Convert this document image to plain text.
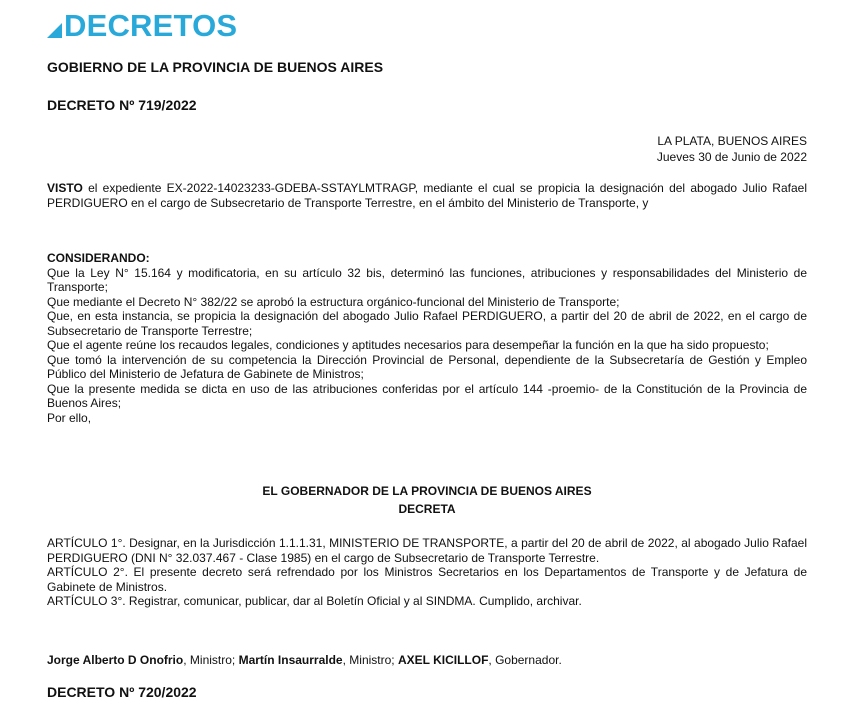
DECRETOS
GOBIERNO DE LA PROVINCIA DE BUENOS AIRES
DECRETO Nº 719/2022
LA PLATA, BUENOS AIRES
Jueves 30 de Junio de 2022
VISTO el expediente EX-2022-14023233-GDEBA-SSTAYLMTRAGP, mediante el cual se propicia la designación del abogado Julio Rafael PERDIGUERO en el cargo de Subsecretario de Transporte Terrestre, en el ámbito del Ministerio de Transporte, y
CONSIDERANDO:
Que la Ley N° 15.164 y modificatoria, en su artículo 32 bis, determinó las funciones, atribuciones y responsabilidades del Ministerio de Transporte;
Que mediante el Decreto N° 382/22 se aprobó la estructura orgánico-funcional del Ministerio de Transporte;
Que, en esta instancia, se propicia la designación del abogado Julio Rafael PERDIGUERO, a partir del 20 de abril de 2022, en el cargo de Subsecretario de Transporte Terrestre;
Que el agente reúne los recaudos legales, condiciones y aptitudes necesarios para desempeñar la función en la que ha sido propuesto;
Que tomó la intervención de su competencia la Dirección Provincial de Personal, dependiente de la Subsecretaría de Gestión y Empleo Público del Ministerio de Jefatura de Gabinete de Ministros;
Que la presente medida se dicta en uso de las atribuciones conferidas por el artículo 144 -proemio- de la Constitución de la Provincia de Buenos Aires;
Por ello,
EL GOBERNADOR DE LA PROVINCIA DE BUENOS AIRES
DECRETA
ARTÍCULO 1°. Designar, en la Jurisdicción 1.1.1.31, MINISTERIO DE TRANSPORTE, a partir del 20 de abril de 2022, al abogado Julio Rafael PERDIGUERO (DNI N° 32.037.467 - Clase 1985) en el cargo de Subsecretario de Transporte Terrestre.
ARTÍCULO 2°. El presente decreto será refrendado por los Ministros Secretarios en los Departamentos de Transporte y de Jefatura de Gabinete de Ministros.
ARTÍCULO 3°. Registrar, comunicar, publicar, dar al Boletín Oficial y al SINDMA. Cumplido, archivar.
Jorge Alberto D Onofrio, Ministro; Martín Insaurralde, Ministro; AXEL KICILLOF, Gobernador.
DECRETO Nº 720/2022
